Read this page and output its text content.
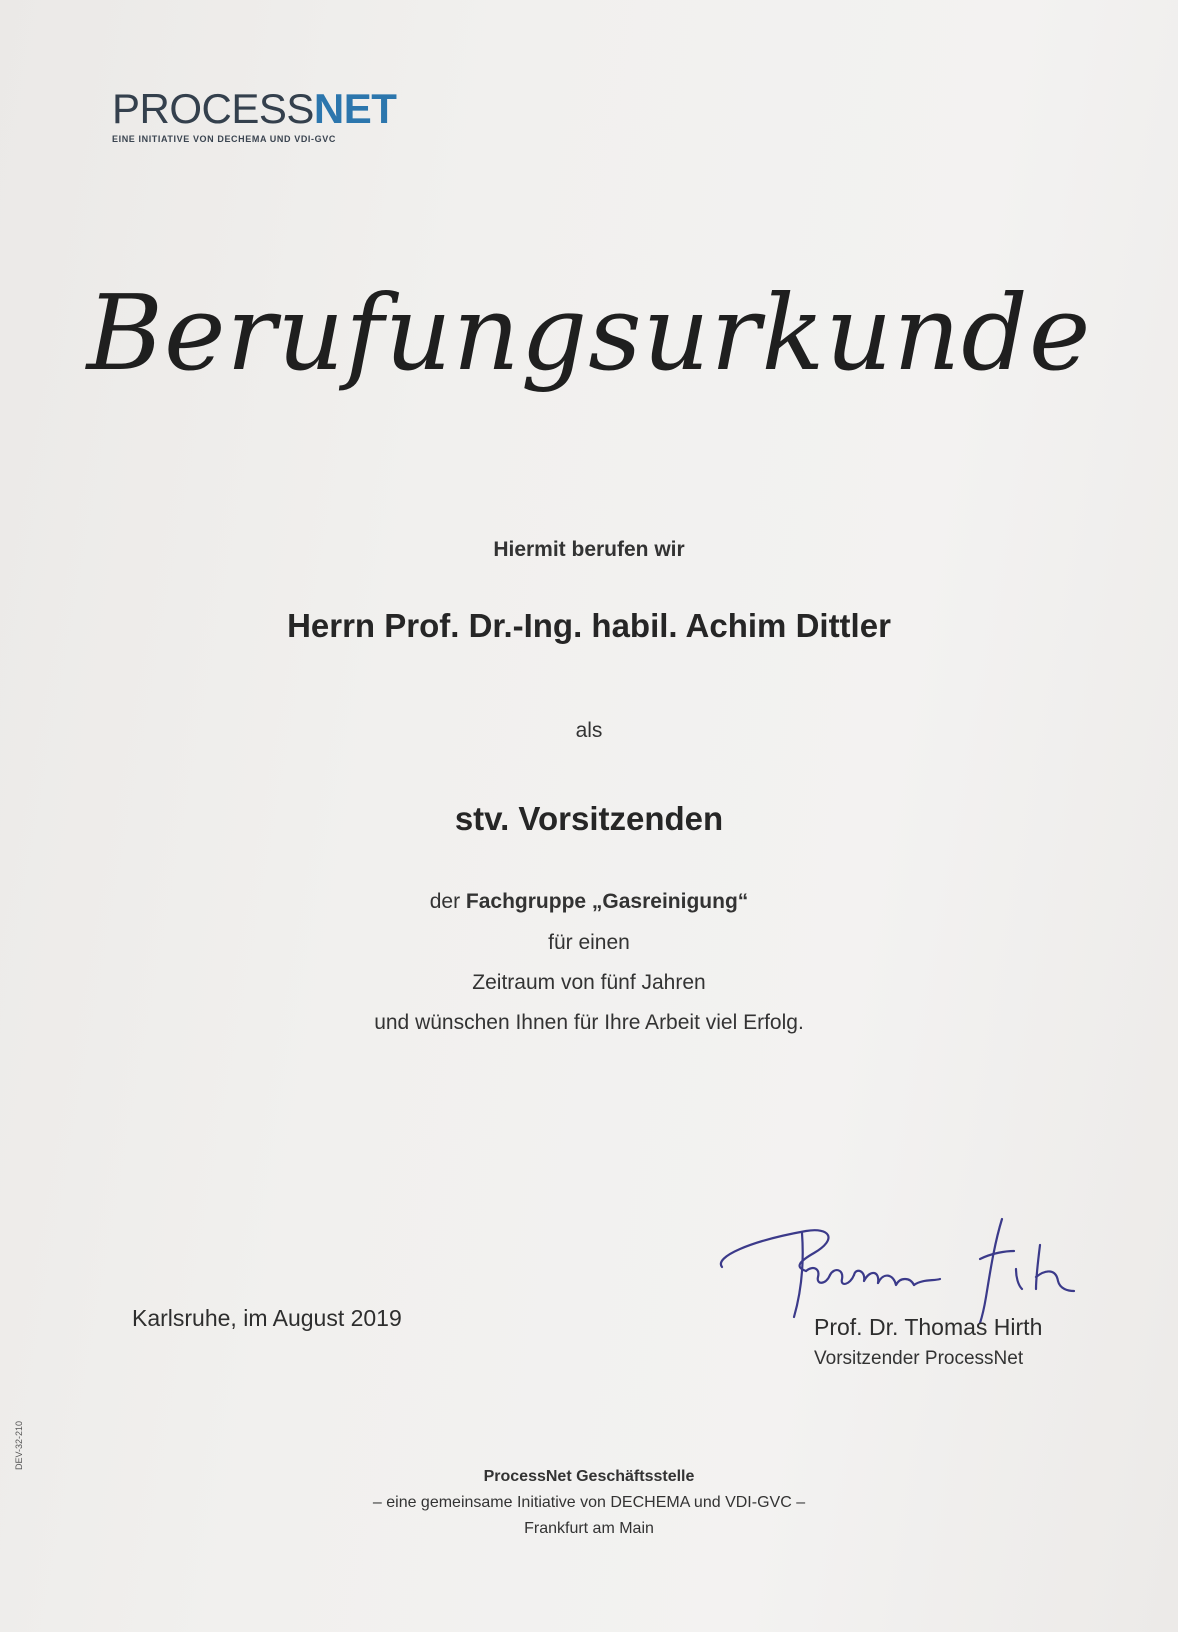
PROCESSNET
EINE INITIATIVE VON DECHEMA UND VDI-GVC
Berufungsurkunde
Hiermit berufen wir
Herrn Prof. Dr.-Ing. habil. Achim Dittler
als
stv. Vorsitzenden
der Fachgruppe „Gasreinigung“
für einen
Zeitraum von fünf Jahren
und wünschen Ihnen für Ihre Arbeit viel Erfolg.
Karlsruhe, im August 2019	Prof. Dr. Thomas Hirth
Vorsitzender ProcessNet
ProcessNet Geschäftsstelle
– eine gemeinsame Initiative von DECHEMA und VDI-GVC –
Frankfurt am Main
DEV-32-210
